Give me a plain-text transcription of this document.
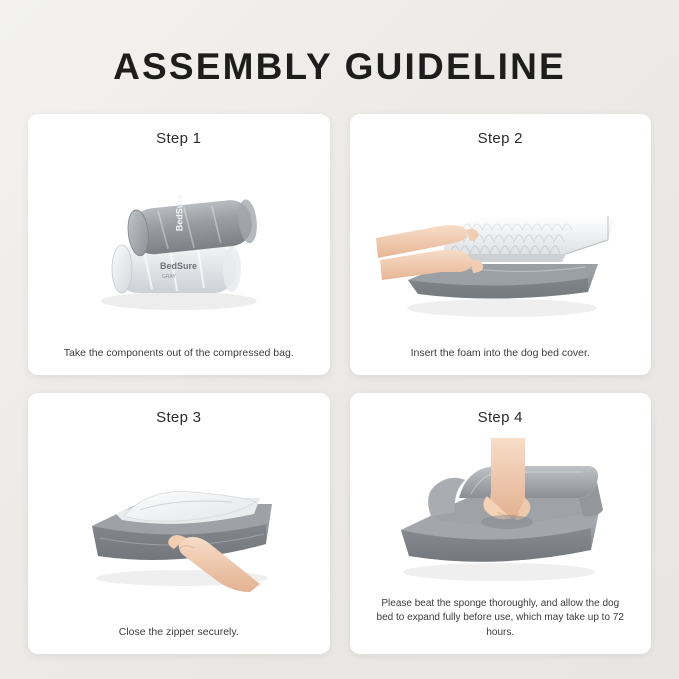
ASSEMBLY GUIDELINE
Step 1
BedSure
GRAY
BedSure
Take the components out of the compressed bag.
Step 2
Insert the foam into the dog bed cover.
Step 3
Close the zipper securely.
Step 4
Please beat the sponge thoroughly, and allow the dog bed to expand fully before use, which may take up to 72 hours.
